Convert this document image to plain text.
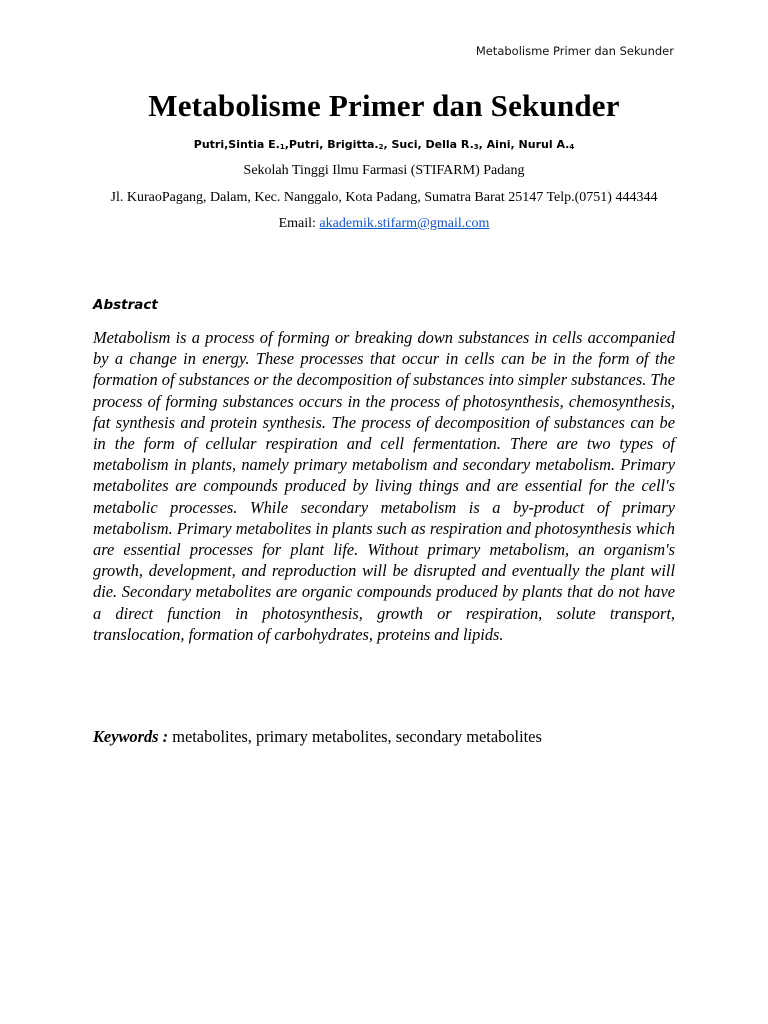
Metabolisme Primer dan Sekunder
Metabolisme Primer dan Sekunder
Putri,Sintia $E._1,Putri$, $Brigitta._2$, Suci, Della $R._3$, Aini, Nurul $A._4$
Sekolah Tinggi Ilmu Farmasi (STIFARM) Padang
Jl. KuraoPagang, Dalam, Kec. Nanggalo, Kota Padang, Sumatra Barat 25147 Telp.(0751) 444344
Email: akademik.stifarm@gmail.com
Abstract
Metabolism is a process of forming or breaking down substances in cells accompanied by a change in energy. These processes that occur in cells can be in the form of the formation of substances or the decomposition of substances into simpler substances. The process of forming substances occurs in the process of photosynthesis, chemosynthesis, fat synthesis and protein synthesis. The process of decomposition of substances can be in the form of cellular respiration and cell fermentation. There are two types of metabolism in plants, namely primary metabolism and secondary metabolism. Primary metabolites are compounds produced by living things and are essential for the cell's metabolic processes. While secondary metabolism is a by-product of primary metabolism. Primary metabolites in plants such as respiration and photosynthesis which are essential processes for plant life. Without primary metabolism, an organism's growth, development, and reproduction will be disrupted and eventually the plant will die. Secondary metabolites are organic compounds produced by plants that do not have a direct function in photosynthesis, growth or respiration, solute transport, translocation, formation of carbohydrates, proteins and lipids.
Keywords : metabolites, primary metabolites, secondary metabolites
